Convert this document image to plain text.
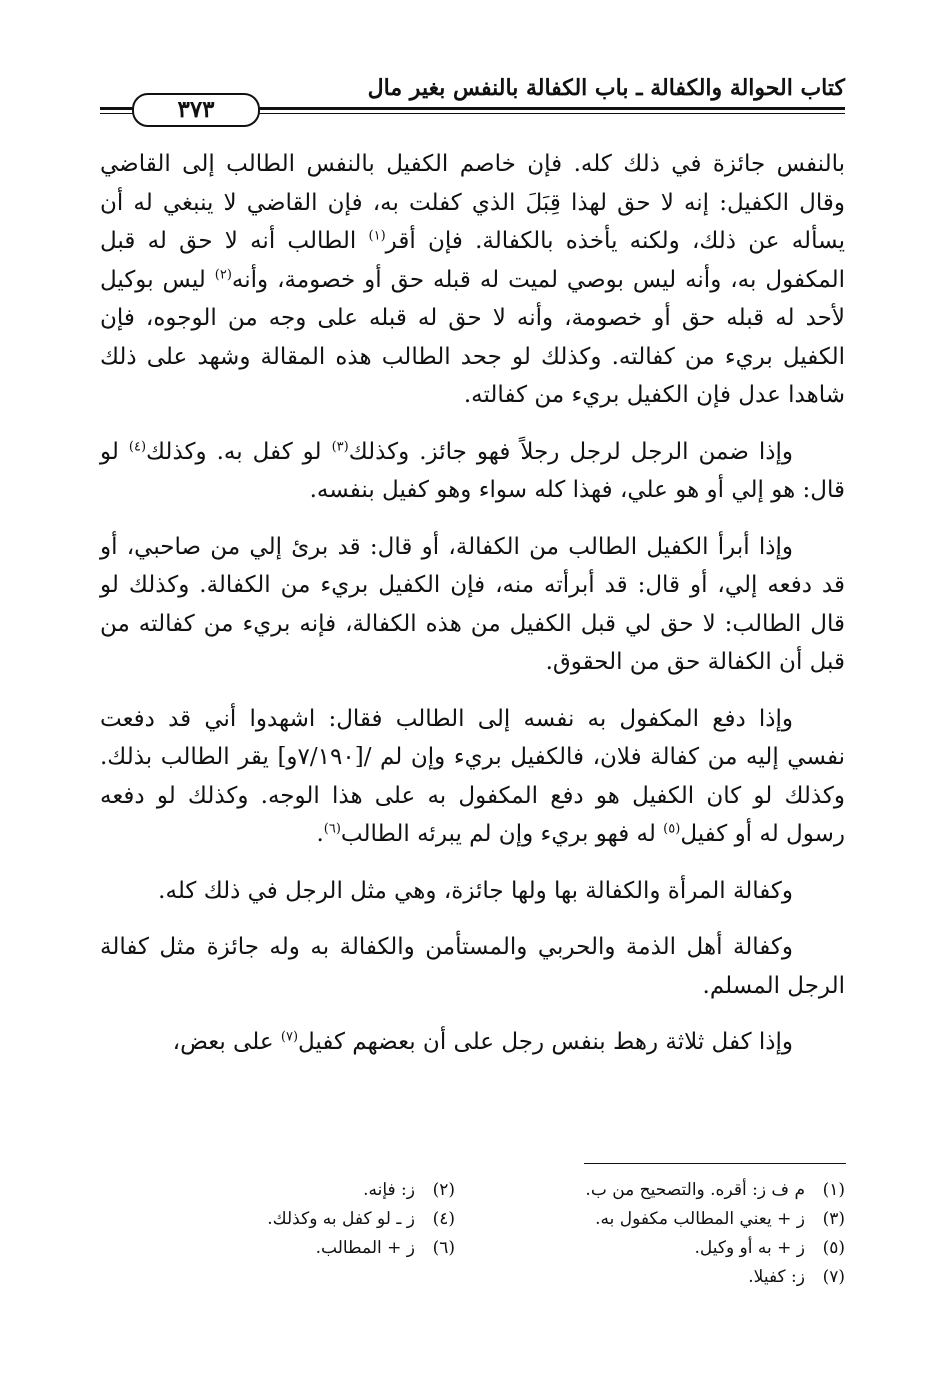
كتاب الحوالة والكفالة ـ باب الكفالة بالنفس بغير مال
٣٧٣

بالنفس جائزة في ذلك كله. فإن خاصم الكفيل بالنفس الطالب إلى القاضي وقال الكفيل: إنه لا حق لهذا قِبَلَ الذي كفلت به، فإن القاضي لا ينبغي له أن يسأله عن ذلك، ولكنه يأخذه بالكفالة. فإن أقر$^{(١)}$ الطالب أنه لا حق له قبل المكفول به، وأنه ليس بوصي لميت له قبله حق أو خصومة، وأنه$^{(٢)}$ ليس بوكيل لأحد له قبله حق أو خصومة، وأنه لا حق له قبله على وجه من الوجوه، فإن الكفيل بريء من كفالته. وكذلك لو جحد الطالب هذه المقالة وشهد على ذلك شاهدا عدل فإن الكفيل بريء من كفالته.

وإذا ضمن الرجل لرجل رجلاً فهو جائز. وكذلك$^{(٣)}$ لو كفل به. وكذلك$^{(٤)}$ لو قال: هو إلي أو هو علي، فهذا كله سواء وهو كفيل بنفسه.

وإذا أبرأ الكفيل الطالب من الكفالة، أو قال: قد برئ إلي من صاحبي، أو قد دفعه إلي، أو قال: قد أبرأته منه، فإن الكفيل بريء من الكفالة. وكذلك لو قال الطالب: لا حق لي قبل الكفيل من هذه الكفالة، فإنه بريء من كفالته من قبل أن الكفالة حق من الحقوق.

وإذا دفع المكفول به نفسه إلى الطالب فقال: اشهدوا أني قد دفعت نفسي إليه من كفالة فلان، فالكفيل بريء وإن لم /[٧/١٩٠و] يقر الطالب بذلك. وكذلك لو كان الكفيل هو دفع المكفول به على هذا الوجه. وكذلك لو دفعه رسول له أو كفيل$^{(٥)}$ له فهو بريء وإن لم يبرئه الطالب$^{(٦)}$.

وكفالة المرأة والكفالة بها ولها جائزة، وهي مثل الرجل في ذلك كله.

وكفالة أهل الذمة والحربي والمستأمن والكفالة به وله جائزة مثل كفالة الرجل المسلم.

وإذا كفل ثلاثة رهط بنفس رجل على أن بعضهم كفيل$^{(٧)}$ على بعض،

(١)م ف ز: أقره. والتصحيح من ب.
(٢)ز: فإنه.
(٣)ز + يعني المطالب مكفول به.
(٤)ز ـ لو كفل به وكذلك.
(٥)ز + به أو وكيل.
(٦)ز + المطالب.
(٧)ز: كفيلا.
